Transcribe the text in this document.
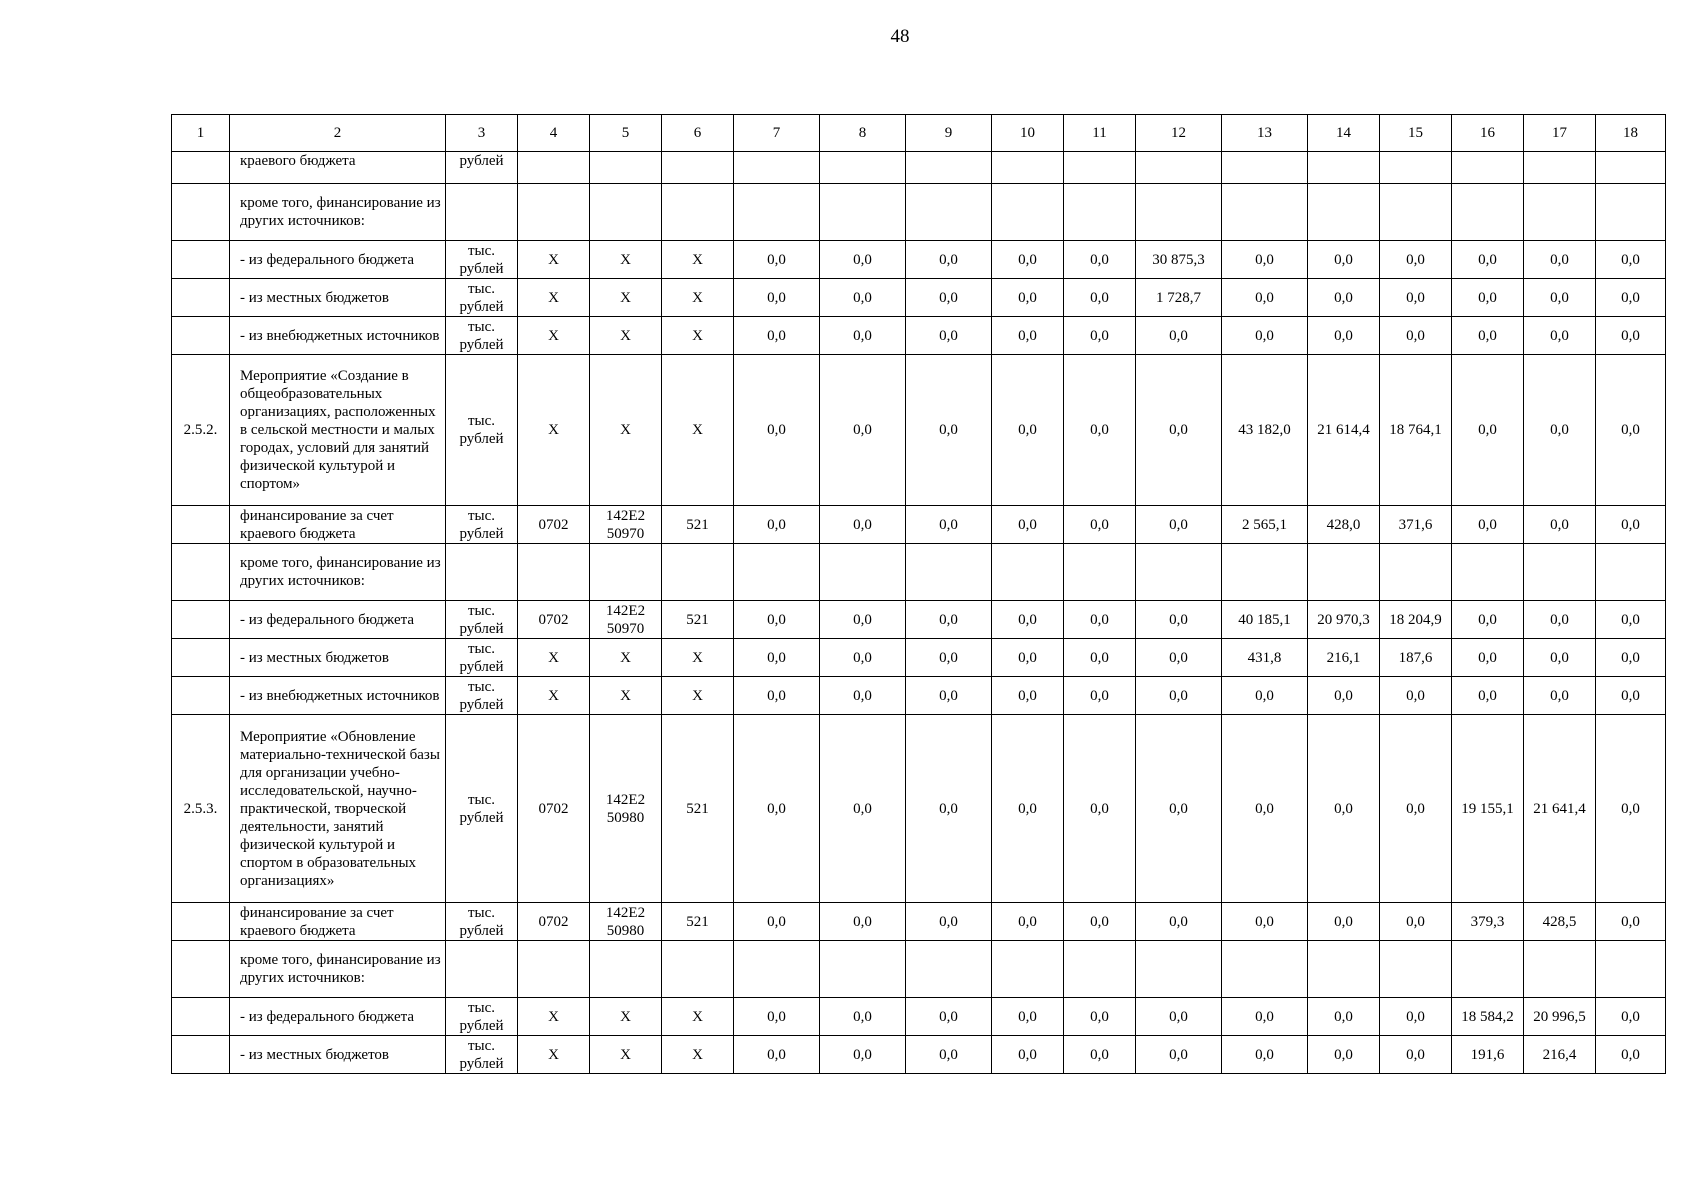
48
1	2	3	4	5	6	7	8	9	10	11	12	13	14	15	16	17	18
	краевого бюджета	рублей															
	кроме того, финансирование из других источников:																
	- из федерального бюджета	тыс. рублей	X	X	X	0,0	0,0	0,0	0,0	0,0	30 875,3	0,0	0,0	0,0	0,0	0,0	0,0
	- из местных бюджетов	тыс. рублей	X	X	X	0,0	0,0	0,0	0,0	0,0	1 728,7	0,0	0,0	0,0	0,0	0,0	0,0
	- из внебюджетных источников	тыс. рублей	X	X	X	0,0	0,0	0,0	0,0	0,0	0,0	0,0	0,0	0,0	0,0	0,0	0,0
2.5.2.	Мероприятие «Создание в общеобразовательных организациях, расположенных в сельской местности и малых городах, условий для занятий физической культурой и спортом»	тыс. рублей	X	X	X	0,0	0,0	0,0	0,0	0,0	0,0	43 182,0	21 614,4	18 764,1	0,0	0,0	0,0
	финансирование за счет краевого бюджета	тыс. рублей	0702	142E2 50970	521	0,0	0,0	0,0	0,0	0,0	0,0	2 565,1	428,0	371,6	0,0	0,0	0,0
	кроме того, финансирование из других источников:																
	- из федерального бюджета	тыс. рублей	0702	142E2 50970	521	0,0	0,0	0,0	0,0	0,0	0,0	40 185,1	20 970,3	18 204,9	0,0	0,0	0,0
	- из местных бюджетов	тыс. рублей	X	X	X	0,0	0,0	0,0	0,0	0,0	0,0	431,8	216,1	187,6	0,0	0,0	0,0
	- из внебюджетных источников	тыс. рублей	X	X	X	0,0	0,0	0,0	0,0	0,0	0,0	0,0	0,0	0,0	0,0	0,0	0,0
2.5.3.	Мероприятие «Обновление материально-технической базы для организации учебно-исследовательской, научно-практической, творческой деятельности, занятий физической культурой и спортом в образовательных организациях»	тыс. рублей	0702	142E2 50980	521	0,0	0,0	0,0	0,0	0,0	0,0	0,0	0,0	0,0	19 155,1	21 641,4	0,0
	финансирование за счет краевого бюджета	тыс. рублей	0702	142E2 50980	521	0,0	0,0	0,0	0,0	0,0	0,0	0,0	0,0	0,0	379,3	428,5	0,0
	кроме того, финансирование из других источников:																
	- из федерального бюджета	тыс. рублей	X	X	X	0,0	0,0	0,0	0,0	0,0	0,0	0,0	0,0	0,0	18 584,2	20 996,5	0,0
	- из местных бюджетов	тыс. рублей	X	X	X	0,0	0,0	0,0	0,0	0,0	0,0	0,0	0,0	0,0	191,6	216,4	0,0
